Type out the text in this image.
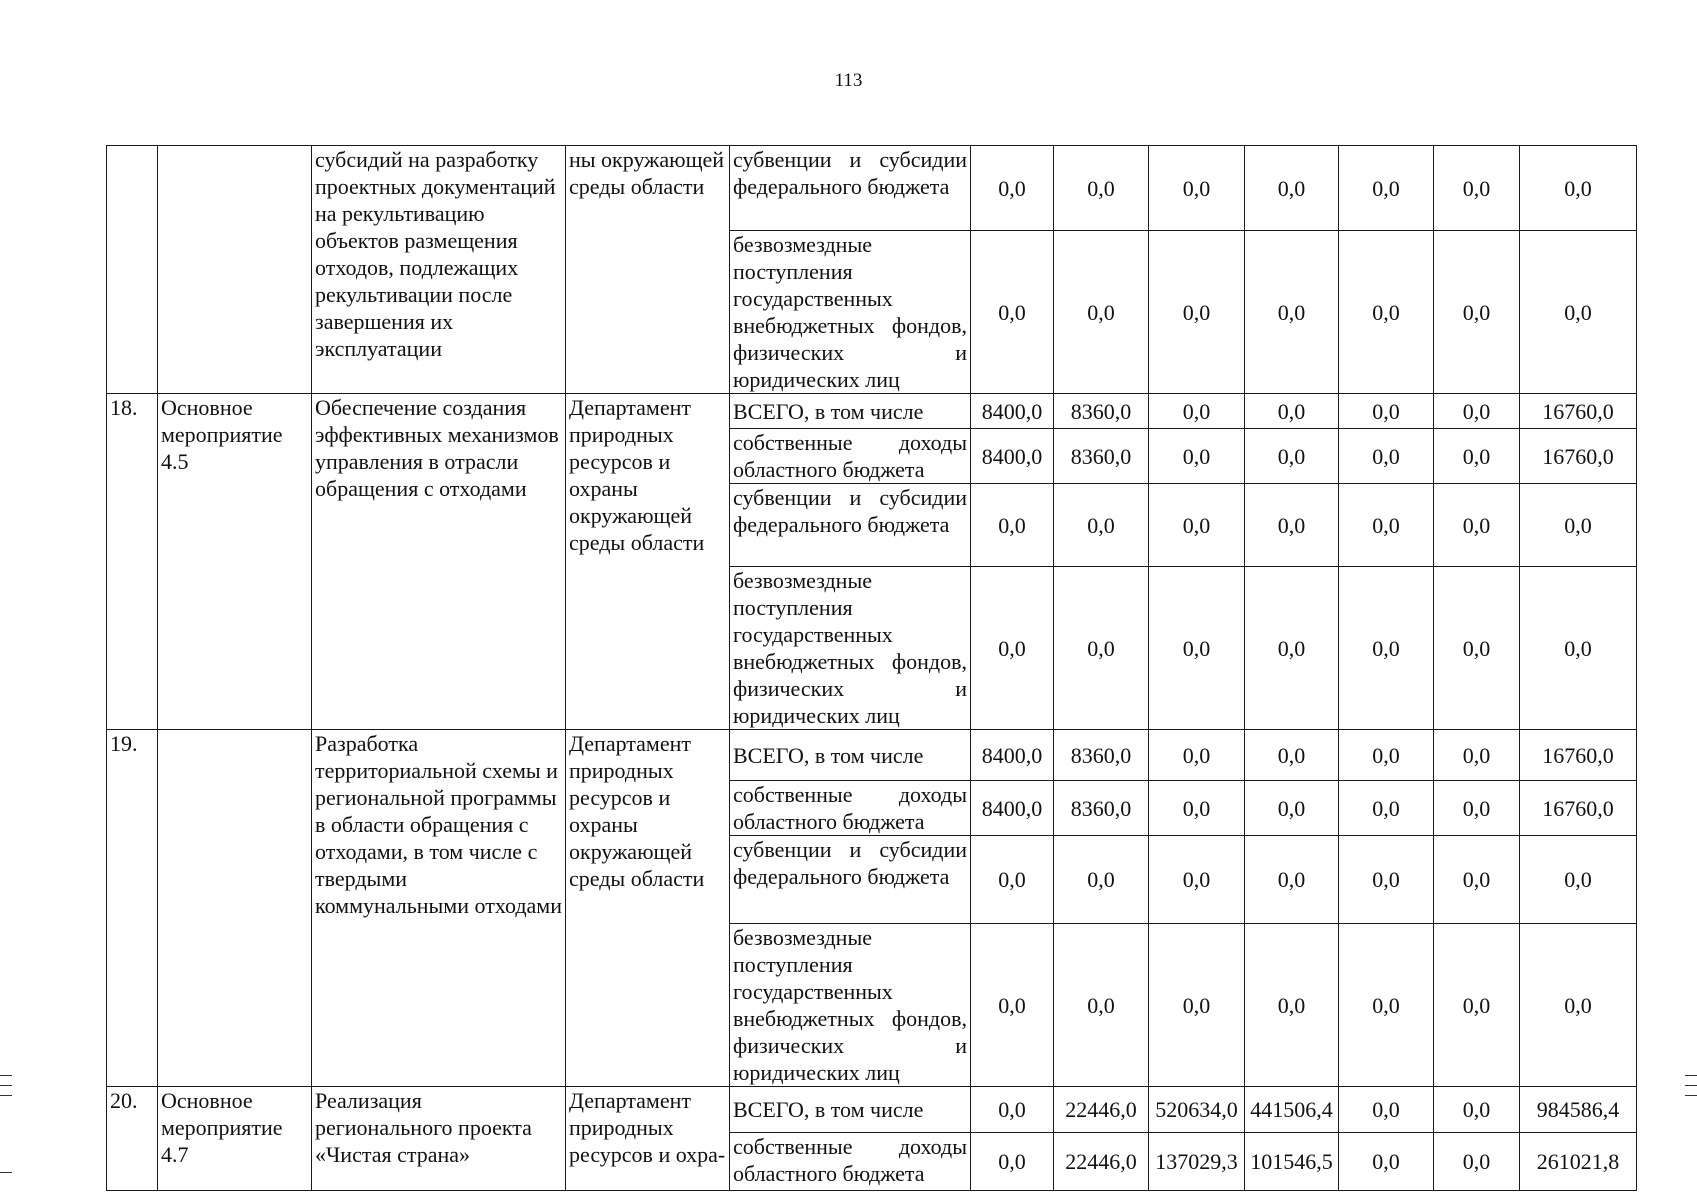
113
		субсидий на разработку проектных документаций на рекультивацию объектов размещения отходов, подлежащих рекультивации после завершения их эксплуатации	ны окружающей среды области	субвенции и субсидии федерального бюджета	0,0	0,0	0,0	0,0	0,0	0,0	0,0
				безвозмездные поступления государственных внебюджетных фондов, физических и юридических лиц	0,0	0,0	0,0	0,0	0,0	0,0	0,0
18.	Основное мероприятие 4.5	Обеспечение создания эффективных механизмов управления в отрасли обращения с отходами	Департамент природных ресурсов и охраны окружающей среды области	ВСЕГО, в том числе	8400,0	8360,0	0,0	0,0	0,0	0,0	16760,0
				собственные доходы областного бюджета	8400,0	8360,0	0,0	0,0	0,0	0,0	16760,0
				субвенции и субсидии федерального бюджета	0,0	0,0	0,0	0,0	0,0	0,0	0,0
				безвозмездные поступления государственных внебюджетных фондов, физических и юридических лиц	0,0	0,0	0,0	0,0	0,0	0,0	0,0
19.		Разработка территориальной схемы и региональной программы в области обращения с отходами, в том числе с твердыми коммунальными отходами	Департамент природных ресурсов и охраны окружающей среды области	ВСЕГО, в том числе	8400,0	8360,0	0,0	0,0	0,0	0,0	16760,0
				собственные доходы областного бюджета	8400,0	8360,0	0,0	0,0	0,0	0,0	16760,0
				субвенции и субсидии федерального бюджета	0,0	0,0	0,0	0,0	0,0	0,0	0,0
				безвозмездные поступления государственных внебюджетных фондов, физических и юридических лиц	0,0	0,0	0,0	0,0	0,0	0,0	0,0
20.	Основное мероприятие 4.7	Реализация регионального проекта «Чистая страна»	Департамент природных ресурсов и охра-	ВСЕГО, в том числе	0,0	22446,0	520634,0	441506,4	0,0	0,0	984586,4
				собственные доходы областного бюджета	0,0	22446,0	137029,3	101546,5	0,0	0,0	261021,8
